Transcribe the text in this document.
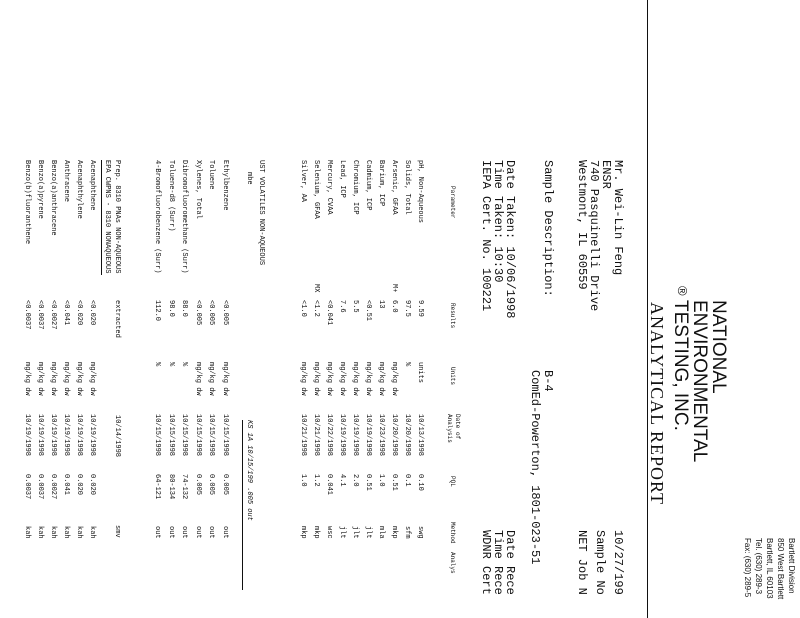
NATIONAL
ENVIRONMENTAL
TESTING, INC.
®
Bartlett Division
850 West Bartlett
Bartlett, IL 60103
Tel. (630) 289-3
Fax: (630) 289-5
ANALYTICAL REPORT
10/27/199
Sample No
NET Job N
Mr. Wei-Lin Feng
ENSR
740 Pasquinelli Drive
Westmont, IL 60559
Sample Description:
B-4
ComEd-Powerton, 1801-023-51
Date Taken: 10/06/1998
Time Taken: 10:30
IEPA Cert. No. 100221
Date Rece
Time Rece
WDNR Cert
Parameter
Results
Units
Date of
Analysis
PQL
Method
Analys
pH, Non-Aqueous
9.59
units
10/13/1998
0.10
swg
Solids, Total
97.5
%
10/20/1998
0.1
sfm
Arsenic, GFAA
M+
6.0
mg/kg dw
10/20/1998
0.51
mkp
Barium, ICP
13
mg/kg dw
10/23/1998
1.0
mla
Cadmium, ICP
<0.51
mg/kg dw
10/19/1998
0.51
jlt
Chromium, ICP
5.5
mg/kg dw
10/19/1998
2.0
jlt
Lead, ICP
7.6
mg/kg dw
10/19/1998
4.1
jlt
Mercury, CVAA
<0.041
mg/kg dw
10/22/1998
0.041
wsc
Selenium, GFAA
MX
<1.2
mg/kg dw
10/21/1998
1.2
mkp
Silver, AA
<1.0
mg/kg dw
10/21/1998
1.0
mkp
Ethylbenzene
<0.005
mg/kg dw
10/15/1998
0.005
out
Toluene
<0.005
mg/kg dw
10/15/1998
0.005
out
Xylenes, Total
<0.005
mg/kg dw
10/15/1998
0.005
out
Dibromofluoromethane (Surr)
88.0
%
10/15/1998
74-132
out
Toluene-d8 (Surr)
98.0
%
10/15/1998
80-134
out
4-Bromofluorobenzene (Surr)
112.0
%
10/15/1998
64-121
out
Acenaphthene
<0.020
mg/kg dw
10/19/1998
0.020
kah
Acenaphthylene
<0.020
mg/kg dw
10/19/1998
0.020
kah
Anthracene
<0.041
mg/kg dw
10/19/1998
0.041
kah
Benzo(a)anthracene
<0.0027
mg/kg dw
10/19/1998
0.0027
kah
Benzo(a)pyrene
<0.0037
mg/kg dw
10/19/1998
0.0037
kah
Benzo(b)fluoranthene
<0.0037
mg/kg dw
10/19/1998
0.0037
kah
UST VOLATILES NON-AQUEOUS
mbe
KS 1A 10/15/199 .005 out
Prep. 8310 PNAs NON-AQUEOUS
extracted
10/14/1998
smv
EPA CWPNS - 8310 NONAQUEOUS
